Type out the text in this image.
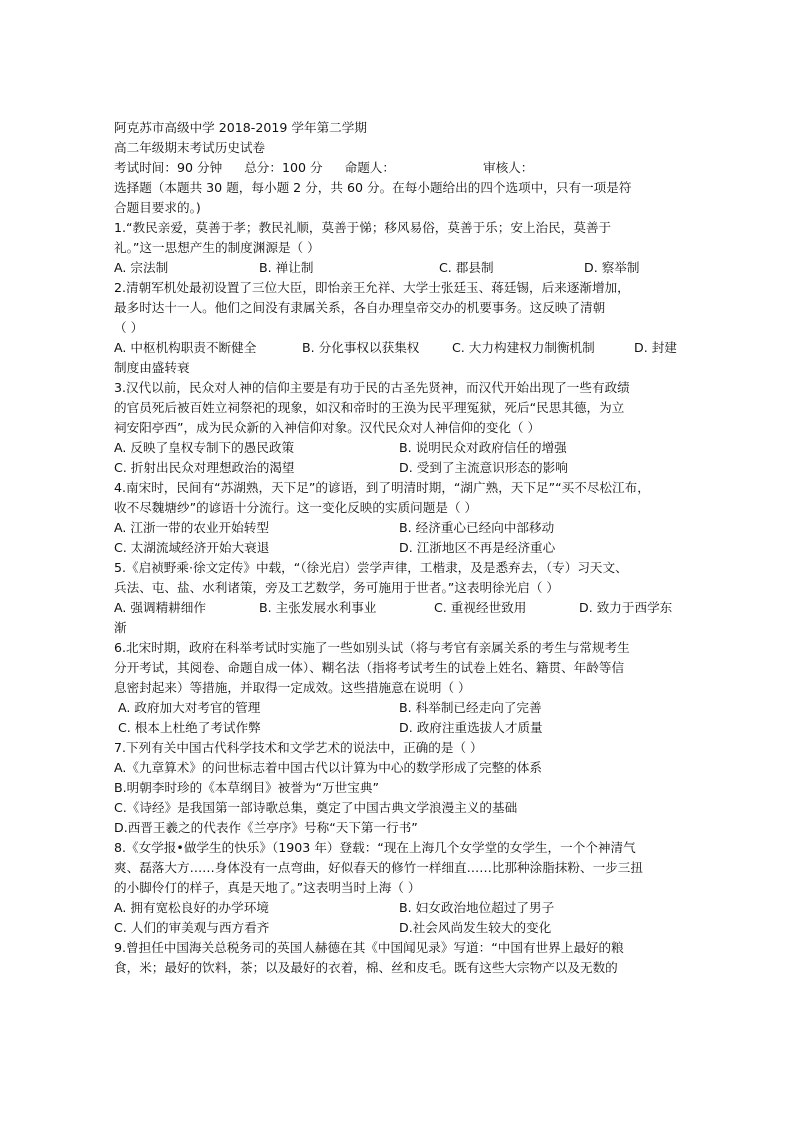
阿克苏市高级中学 2018-2019 学年第二学期
高二年级期末考试历史试卷
考试时间：90 分钟 总分：100 分 命题人：	审核人：
选择题（本题共 30 题，每小题 2 分，共 60 分。在每小题给出的四个选项中，只有一项是符
合题目要求的。)
1.“教民亲爱，莫善于孝；教民礼顺，莫善于悌；移风易俗，莫善于乐；安上治民，莫善于
礼。”这一思想产生的制度渊源是（ ）
A. 宗法制	B. 禅让制	C. 郡县制	D. 察举制
2.清朝军机处最初设置了三位大臣，即怡亲王允祥、大学士张廷玉、蒋廷锡，后来逐渐增加，
最多时达十一人。他们之间没有隶属关系，各自办理皇帝交办的机要事务。这反映了清朝
（ ）
A. 中枢机构职责不断健全	B. 分化事权以获集权	C. 大力构建权力制衡机制	D. 封建
制度由盛转衰
3.汉代以前，民众对人神的信仰主要是有功于民的古圣先贤神，而汉代开始出现了一些有政绩
的官员死后被百姓立祠祭祀的现象，如汉和帝时的王涣为民平理冤狱，死后“民思其德，为立
祠安阳亭西”，成为民众新的入神信仰对象。汉代民众对人神信仰的变化（ ）
A. 反映了皇权专制下的愚民政策	B. 说明民众对政府信任的增强
C. 折射出民众对理想政治的渴望	D. 受到了主流意识形态的影响
4.南宋时，民间有“苏湖熟，天下足”的谚语，到了明清时期，“湖广熟，天下足”“买不尽松江布，
收不尽魏塘纱”的谚语十分流行。这一变化反映的实质问题是（ ）
A. 江浙一带的农业开始转型	B. 经济重心已经向中部移动
C. 太湖流域经济开始大衰退	D. 江浙地区不再是经济重心
5.《启祯野乘·徐文定传》中载，“（徐光启）尝学声律，工楷隶，及是悉弃去，（专）习天文、
兵法、屯、盐、水利诸策，旁及工艺数学，务可施用于世者。”这表明徐光启（ ）
A. 强调精耕细作	B. 主张发展水利事业	C. 重视经世致用	D. 致力于西学东
渐
6.北宋时期，政府在科举考试时实施了一些如别头试（将与考官有亲属关系的考生与常规考生
分开考试，其阅卷、命题自成一体）、糊名法（指将考试考生的试卷上姓名、籍贯、年龄等信
息密封起来）等措施，并取得一定成效。这些措施意在说明（ ）
A. 政府加大对考官的管理	B. 科举制已经走向了完善
C. 根本上杜绝了考试作弊	D. 政府注重选拔人才质量
7.下列有关中国古代科学技术和文学艺术的说法中，正确的是（ ）
A.《九章算术》的问世标志着中国古代以计算为中心的数学形成了完整的体系
B.明朝李时珍的《本草纲目》被誉为“万世宝典”
C.《诗经》是我国第一部诗歌总集，奠定了中国古典文学浪漫主义的基础
D.西晋王羲之的代表作《兰亭序》号称“天下第一行书”
8.《女学报•做学生的快乐》（1903 年）登载：“现在上海几个女学堂的女学生，一个个神清气
爽、磊落大方……身体没有一点弯曲，好似春天的修竹一样细直……比那种涂脂抹粉、一步三扭
的小脚伶仃的样子，真是天地了。”这表明当时上海（ ）
A. 拥有宽松良好的办学环境	B. 妇女政治地位超过了男子
C. 人们的审美观与西方看齐	D.社会风尚发生较大的变化
9.曾担任中国海关总税务司的英国人赫德在其《中国闻见录》写道：“中国有世界上最好的粮
食，米；最好的饮料，茶；以及最好的衣着，棉、丝和皮毛。既有这些大宗物产以及无数的
